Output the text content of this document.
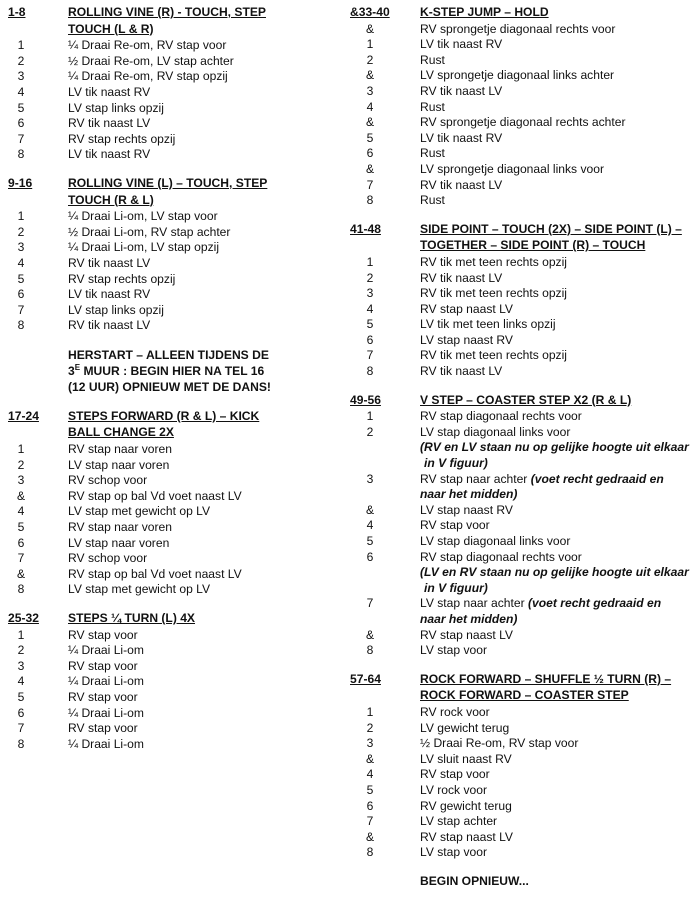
1-8	ROLLING VINE (R) - TOUCH, STEP
TOUCH (L & R)
1	¼ Draai Re-om, RV stap voor
2	½ Draai Re-om, LV stap achter
3	¼ Draai Re-om, RV stap opzij
4	LV tik naast RV
5	LV stap links opzij
6	RV tik naast LV
7	RV stap rechts opzij
8	LV tik naast RV
9-16	ROLLING VINE (L) – TOUCH, STEP
TOUCH (R & L)
1	¼ Draai Li-om, LV stap voor
2	½ Draai Li-om, RV stap achter
3	¼ Draai Li-om, LV stap opzij
4	RV tik naast LV
5	RV stap rechts opzij
6	LV tik naast RV
7	LV stap links opzij
8	RV tik naast LV
HERSTART – ALLEEN TIJDENS DE
$3^E$ MUUR : BEGIN HIER NA TEL 16
(12 UUR) OPNIEUW MET DE DANS!
17-24	STEPS FORWARD (R & L) – KICK
BALL CHANGE 2X
1	RV stap naar voren
2	LV stap naar voren
3	RV schop voor
&	RV stap op bal Vd voet naast LV
4	LV stap met gewicht op LV
5	RV stap naar voren
6	LV stap naar voren
7	RV schop voor
&	RV stap op bal Vd voet naast LV
8	LV stap met gewicht op LV
25-32	STEPS ¼ TURN (L) 4X
1	RV stap voor
2	¼ Draai Li-om
3	RV stap voor
4	¼ Draai Li-om
5	RV stap voor
6	¼ Draai Li-om
7	RV stap voor
8	¼ Draai Li-om
&33-40	K-STEP JUMP – HOLD
&	RV sprongetje diagonaal rechts voor
1	LV tik naast RV
2	Rust
&	LV sprongetje diagonaal links achter
3	RV tik naast LV
4	Rust
&	RV sprongetje diagonaal rechts achter
5	LV tik naast RV
6	Rust
&	LV sprongetje diagonaal links voor
7	RV tik naast LV
8	Rust
41-48	SIDE POINT – TOUCH (2X) – SIDE POINT (L) –
TOGETHER – SIDE POINT (R) – TOUCH
1	RV tik met teen rechts opzij
2	RV tik naast LV
3	RV tik met teen rechts opzij
4	RV stap naast LV
5	LV tik met teen links opzij
6	LV stap naast RV
7	RV tik met teen rechts opzij
8	RV tik naast LV
49-56	V STEP – COASTER STEP X2 (R & L)
1	RV stap diagonaal rechts voor
2	LV stap diagonaal links voor
(RV en LV staan nu op gelijke hoogte uit elkaar
in V figuur)
3	RV stap naar achter (voet recht gedraaid en
naar het midden)
&	LV stap naast RV
4	RV stap voor
5	LV stap diagonaal links voor
6	RV stap diagonaal rechts voor
(LV en RV staan nu op gelijke hoogte uit elkaar
in V figuur)
7	LV stap naar achter (voet recht gedraaid en
naar het midden)
&	RV stap naast LV
8	LV stap voor
57-64	ROCK FORWARD – SHUFFLE ½ TURN (R) –
ROCK FORWARD – COASTER STEP
1	RV rock voor
2	LV gewicht terug
3	½ Draai Re-om, RV stap voor
&	LV sluit naast RV
4	RV stap voor
5	LV rock voor
6	RV gewicht terug
7	LV stap achter
&	RV stap naast LV
8	LV stap voor
BEGIN OPNIEUW...
